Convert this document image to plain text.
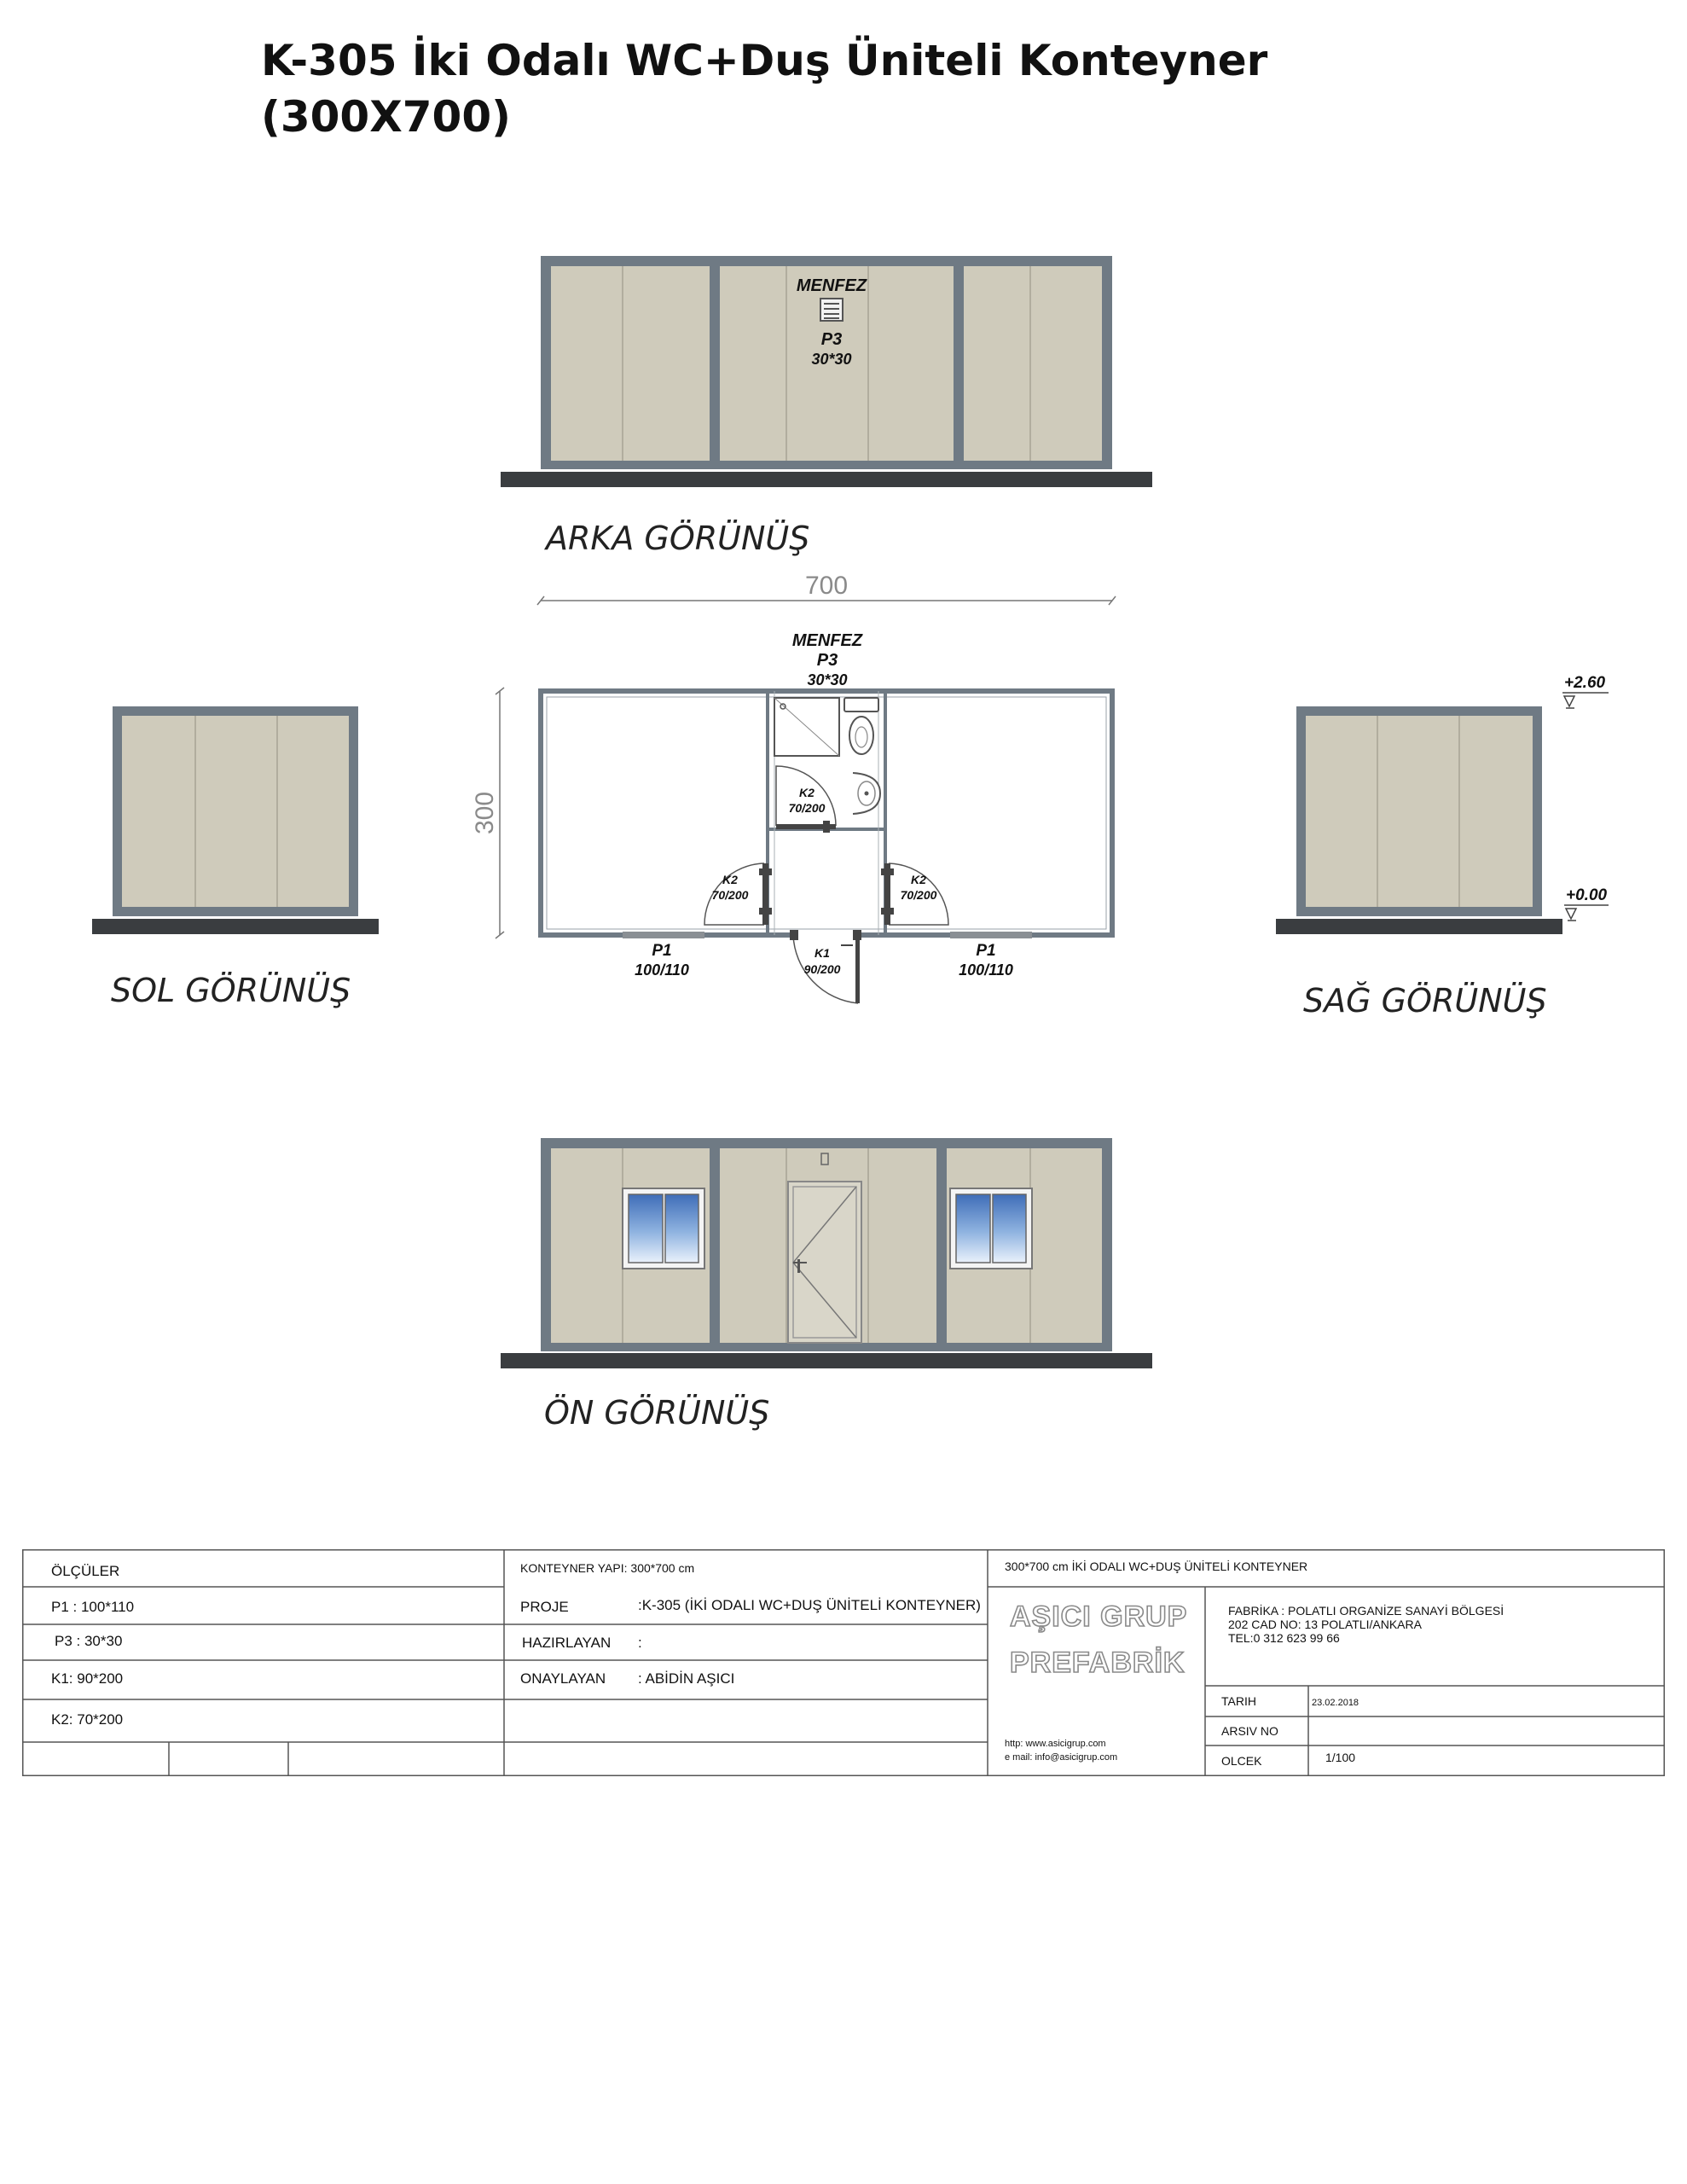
K-305 İki Odalı WC+Duş Üniteli Konteyner
(300X700)
MENFEZ
P3
30*30
ARKA GÖRÜNÜŞ
700
300
MENFEZ
P3
30*30
K2
70/200
K2
70/200
K2
70/200
K1
90/200
P1
100/110
P1
100/110
SOL GÖRÜNÜŞ
+2.60
+0.00
SAĞ GÖRÜNÜŞ
ÖN GÖRÜNÜŞ
ÖLÇÜLER
P1 : 100*110
P3 : 30*30
K1: 90*200
K2: 70*200
KONTEYNER YAPI: 300*700 cm
PROJE	:K-305 (İKİ ODALI WC+DUŞ ÜNİTELİ KONTEYNER)
HAZIRLAYAN :
ONAYLAYAN : ABİDİN AŞICI
300*700 cm İKİ ODALI WC+DUŞ ÜNİTELİ KONTEYNER
AŞICI GRUP
PREFABRİK
http: www.asicigrup.com
e mail: info@asicigrup.com
FABRİKA : POLATLI ORGANİZE SANAYİ BÖLGESİ
202 CAD NO: 13 POLATLI/ANKARA
TEL:0 312 623 99 66
TARIH	23.02.2018
ARSIV NO
OLCEK	1/100
